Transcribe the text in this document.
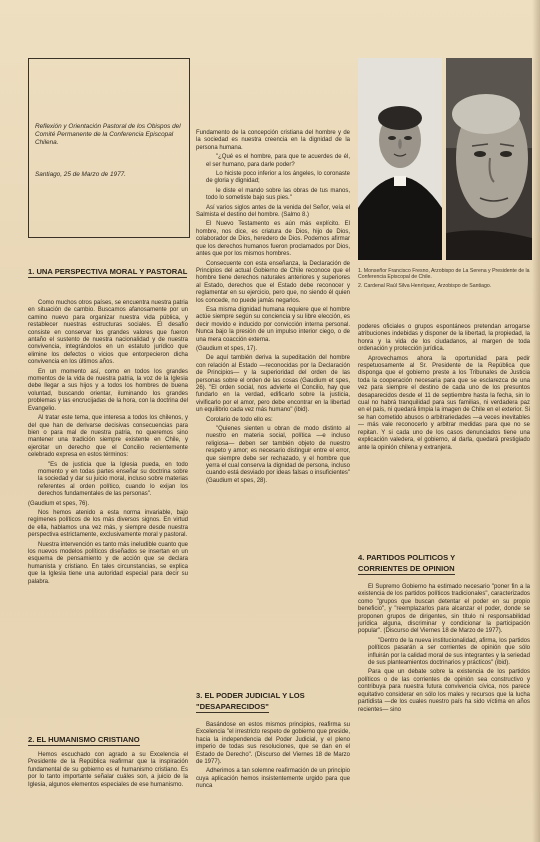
Reflexión y Orientación Pastoral de los Obispos del Comité Permanente de la Conferencia Episcopal Chilena.
Santiago, 25 de Marzo de 1977.

1. Monseñor Francisco Fresno, Arzobispo de La Serena y Presidente de la Conferencia Episcopal de Chile.

2. Cardenal Raúl Silva Henríquez, Arzobispo de Santiago.

1. UNA PERSPECTIVA MORAL Y PASTORAL

Como muchos otros países, se encuentra nuestra patria en situación de cambio. Buscamos afanosamente por un camino nuevo para organizar nuestra vida pública, y restablecer nuestras estructuras sociales. El desafío consiste en conservar los grandes valores que fueron antaño el sustento de nuestra nacionalidad y de nuestra convivencia, integrándolos en un estatuto jurídico que elimine los defectos o vicios que entorpecieron dicha convivencia en los últimos años.

En un momento así, como en todos los grandes momentos de la vida de nuestra patria, la voz de la Iglesia debe llegar a sus hijos y a todos los hombres de buena voluntad, buscando orientar, iluminando los grandes problemas y las encrucijadas de la hora, con la doctrina del Evangelio.

Al tratar este tema, que interesa a todos los chilenos, y del que han de derivarse decisivas consecuencias para bien o para mal de nuestra patria, no queremos sino mantener una tradición siempre existente en Chile, y ejercitar un derecho que el Concilio recientemente celebrado expresa en estos términos:

"Es de justicia que la Iglesia pueda, en todo momento y en todas partes enseñar su doctrina sobre la sociedad y dar su juicio moral, incluso sobre materias referentes al orden político, cuando lo exijan los derechos fundamentales de las personas".

(Gaudium et spes, 76).

Nos hemos atenido a esta norma invariable, bajo regímenes políticos de los más diversos signos. En virtud de ella, hablamos una vez más, y siempre desde nuestra perspectiva estrictamente, exclusivamente moral y pastoral.

Nuestra intervención es tanto más ineludible cuanto que los nuevos modelos políticos diseñados se insertan en un esquema de pensamiento y de acción que se declara humanista y cristiano. En tales circunstancias, se explica que la Iglesia tiene una autoridad especial para decir su palabra.

2. EL HUMANISMO CRISTIANO

Hemos escuchado con agrado a su Excelencia el Presidente de la República reafirmar que la inspiración fundamental de su gobierno es el humanismo cristiano. Es por lo tanto importante señalar cuáles son, a juicio de la Iglesia, algunos elementos especiales de ese humanismo.

Fundamento de la concepción cristiana del hombre y de la sociedad es nuestra creencia en la dignidad de la persona humana.

"¿Qué es el hombre, para que te acuerdes de él, el ser humano, para darle poder?

Lo hiciste poco inferior a los ángeles, lo coronaste de gloria y dignidad;

le diste el mando sobre las obras de tus manos, todo lo sometiste bajo sus pies."

Así varios siglos antes de la venida del Señor, veía el Salmista el destino del hombre. (Salmo 8.)

El Nuevo Testamento es aún más explícito. El hombre, nos dice, es criatura de Dios, hijo de Dios, colaborador de Dios, heredero de Dios. Podemos afirmar que los derechos humanos fueron proclamados por Dios, antes que por los mismos hombres.

Consecuente con esta enseñanza, la Declaración de Principios del actual Gobierno de Chile reconoce que el hombre tiene derechos naturales anteriores y superiores al Estado, derechos que el Estado debe reconocer y reglamentar en su ejercicio, pero que, no siendo él quien los concede, no puede jamás negarlos.

Esa misma dignidad humana requiere que el hombre actúe siempre según su conciencia y su libre elección, es decir movido e inducido por convicción interna personal. Nunca bajo la presión de un impulso interior ciego, o de una mera coacción externa.

(Gaudium et spes, 17).

De aquí también deriva la supeditación del hombre con relación al Estado —reconocidas por la Declaración de Principios— y la superioridad del orden de las personas sobre el orden de las cosas (Gaudium et spes, 26). "El orden social, nos advierte el Concilio, hay que fundarlo en la verdad, edificarlo sobre la justicia, vivificarlo por el amor, pero debe encontrar en la libertad un equilibrio cada vez más humano" (ibid).

Corolario de todo ello es:

"Quienes sienten u obran de modo distinto al nuestro en materia social, política —e incluso religiosa— deben ser también objeto de nuestro respeto y amor; es necesario distinguir entre el error, que siempre debe ser rechazado, y el hombre que yerra el cual conserva la dignidad de persona, incluso cuando está desviado por ideas falsas o insuficientes" (Gaudium et spes, 28).

3. EL PODER JUDICIAL Y LOS
"DESAPARECIDOS"

Basándose en estos mismos principios, reafirma su Excelencia "el irrestricto respeto de gobierno que preside, hacia la independencia del Poder Judicial, y el pleno imperio de todas sus resoluciones, que se dan en el Estado de Derecho". (Discurso del Viernes 18 de Marzo de 1977).

Adherimos a tan solemne reafirmación de un principio cuya aplicación hemos insistentemente urgido para que nunca

poderes oficiales o grupos espontáneos pretendan arrogarse atribuciones indebidas y disponer de la libertad, la propiedad, la honra y la vida de los ciudadanos, al margen de toda ordenación y protección jurídica.

Aprovechamos ahora la oportunidad para pedir respetuosamente al Sr. Presidente de la República que disponga que el gobierno preste a los Tribunales de Justicia toda la cooperación necesaria para que se esclarezca de una vez para siempre el destino de cada uno de los presuntos desaparecidos desde el 11 de septiembre hasta la fecha, sin lo cual no habrá tranquilidad para sus familias, ni verdadera paz en el país, ni quedará limpia la imagen de Chile en el exterior. Si se han cometido abusos o arbitrariedades —a veces inevitables— más vale reconocerlo y arbitrar medidas para que no se repitan. Y si cada uno de los casos denunciados tiene una explicación valedera, el gobierno, al darla, quedará prestigiado ante la opinión chilena y extranjera.

4. PARTIDOS POLITICOS Y
CORRIENTES DE OPINION

El Supremo Gobierno ha estimado necesario "poner fin a la existencia de los partidos políticos tradicionales", caracterizados como "grupos que buscan detentar el poder en su propio beneficio", y "reemplazarlos para alcanzar el poder, donde se proponen grupos de dirigentes, sin título ni responsabilidad jurídica alguna, discriminar y condicionar la participación popular". (Discurso del Viernes 18 de Marzo de 1977).

"Dentro de la nueva institucionalidad, afirma, los partidos políticos pasarán a ser corrientes de opinión que sólo influirán por la calidad moral de sus integrantes y la seriedad de sus planteamientos doctrinarios y prácticos" (ibid).

Para que un debate sobre la existencia de los partidos políticos o de las corrientes de opinión sea constructivo y contribuya para nuestra futura convivencia cívica, nos parece equitativo considerar en sólo los males y recursos que la lucha partidista —de los cuales nuestro país ha sido víctima en años recientes— sino
